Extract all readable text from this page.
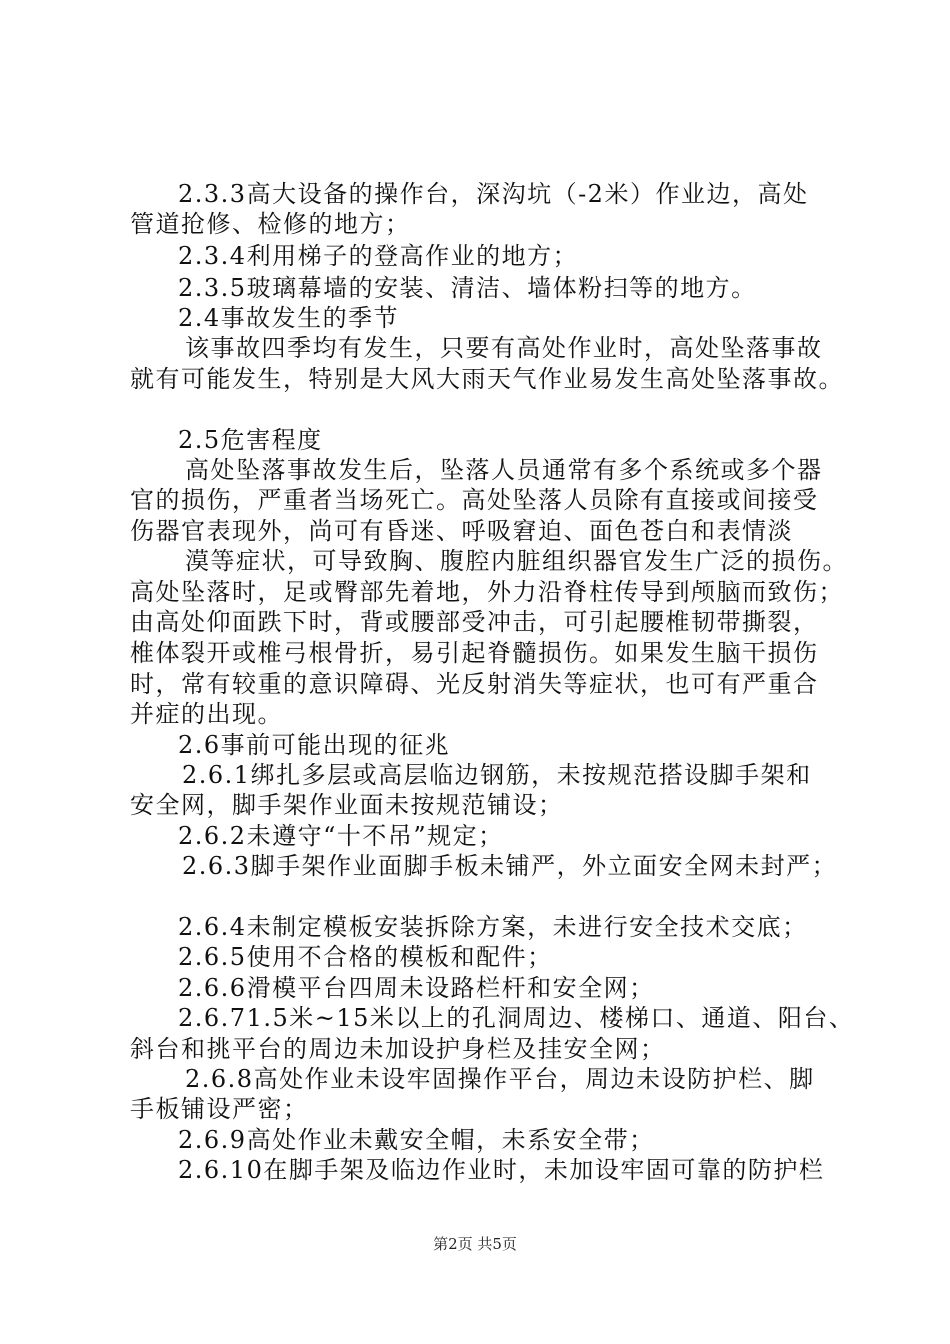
2.3.3高大设备的操作台，深沟坑（-2米）作业边，高处
管道抢修、检修的地方；
2.3.4利用梯子的登高作业的地方；
2.3.5玻璃幕墙的安装、清洁、墙体粉扫等的地方。
2.4事故发生的季节
该事故四季均有发生，只要有高处作业时，高处坠落事故
就有可能发生，特别是大风大雨天气作业易发生高处坠落事故。
2.5危害程度
高处坠落事故发生后，坠落人员通常有多个系统或多个器
官的损伤，严重者当场死亡。高处坠落人员除有直接或间接受
伤器官表现外，尚可有昏迷、呼吸窘迫、面色苍白和表情淡
漠等症状，可导致胸、腹腔内脏组织器官发生广泛的损伤。
高处坠落时，足或臀部先着地，外力沿脊柱传导到颅脑而致伤；
由高处仰面跌下时，背或腰部受冲击，可引起腰椎韧带撕裂，
椎体裂开或椎弓根骨折，易引起脊髓损伤。如果发生脑干损伤
时，常有较重的意识障碍、光反射消失等症状，也可有严重合
并症的出现。
2.6事前可能出现的征兆
2.6.1绑扎多层或高层临边钢筋，未按规范搭设脚手架和
安全网，脚手架作业面未按规范铺设；
2.6.2未遵守“十不吊”规定；
2.6.3脚手架作业面脚手板未铺严，外立面安全网未封严；
2.6.4未制定模板安装拆除方案，未进行安全技术交底；
2.6.5使用不合格的模板和配件；
2.6.6滑模平台四周未设路栏杆和安全网；
2.6.71.5米~15米以上的孔洞周边、楼梯口、通道、阳台、
斜台和挑平台的周边未加设护身栏及挂安全网；
2.6.8高处作业未设牢固操作平台，周边未设防护栏、脚
手板铺设严密；
2.6.9高处作业未戴安全帽，未系安全带；
2.6.10在脚手架及临边作业时，未加设牢固可靠的防护栏
第2页 共5页
